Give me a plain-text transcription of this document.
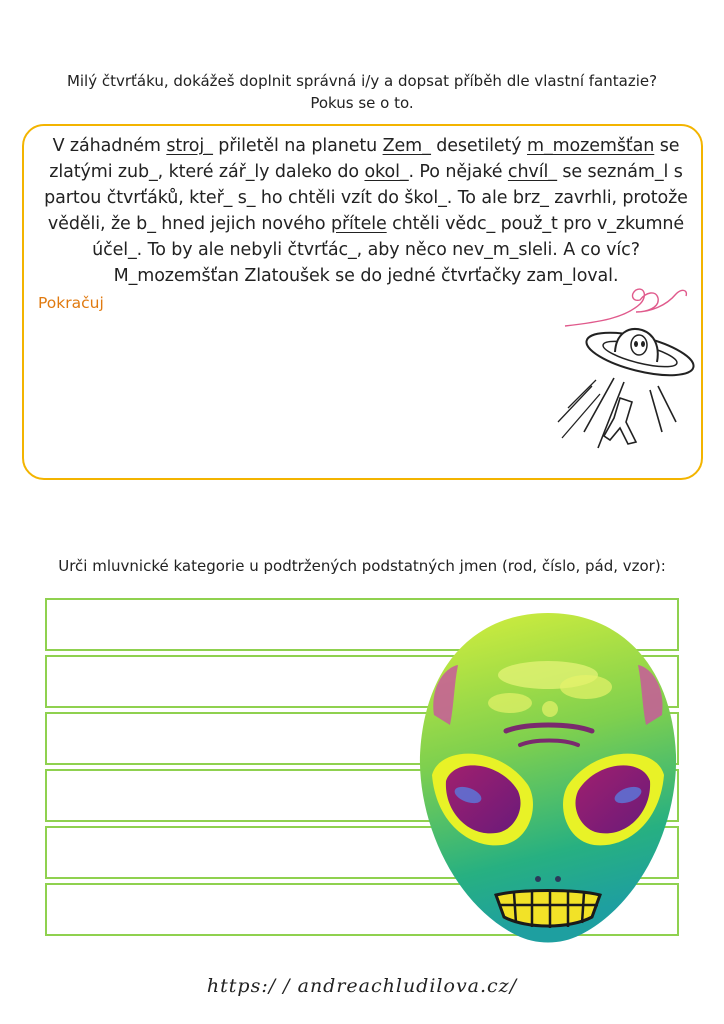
Milý čtvrťáku, dokážeš doplnit správná i/y a dopsat příběh dle vlastní fantazie?
Pokus se o to.
V záhadném stroj_ přiletěl na planetu Zem_ desetiletý m_mozemšťan se zlatými zub_, které zář_ly daleko do okol_. Po nějaké chvíl_ se seznám_l s partou čtvrťáků, kteř_ s_ ho chtěli vzít do škol_. To ale brz_ zavrhli, protože věděli, že b_ hned jejich nového přítele chtěli vědc_ použ_t pro v_zkumné účel_. To by ale nebyli čtvrťác_, aby něco nev_m_sleli. A co víc? M_mozemšťan Zlatoušek se do jedné čtvrťačky zam_loval.
Pokračuj
Urči mluvnické kategorie u podtržených podstatných jmen (rod, číslo, pád, vzor):
https:/ / andreachludilova.cz/
